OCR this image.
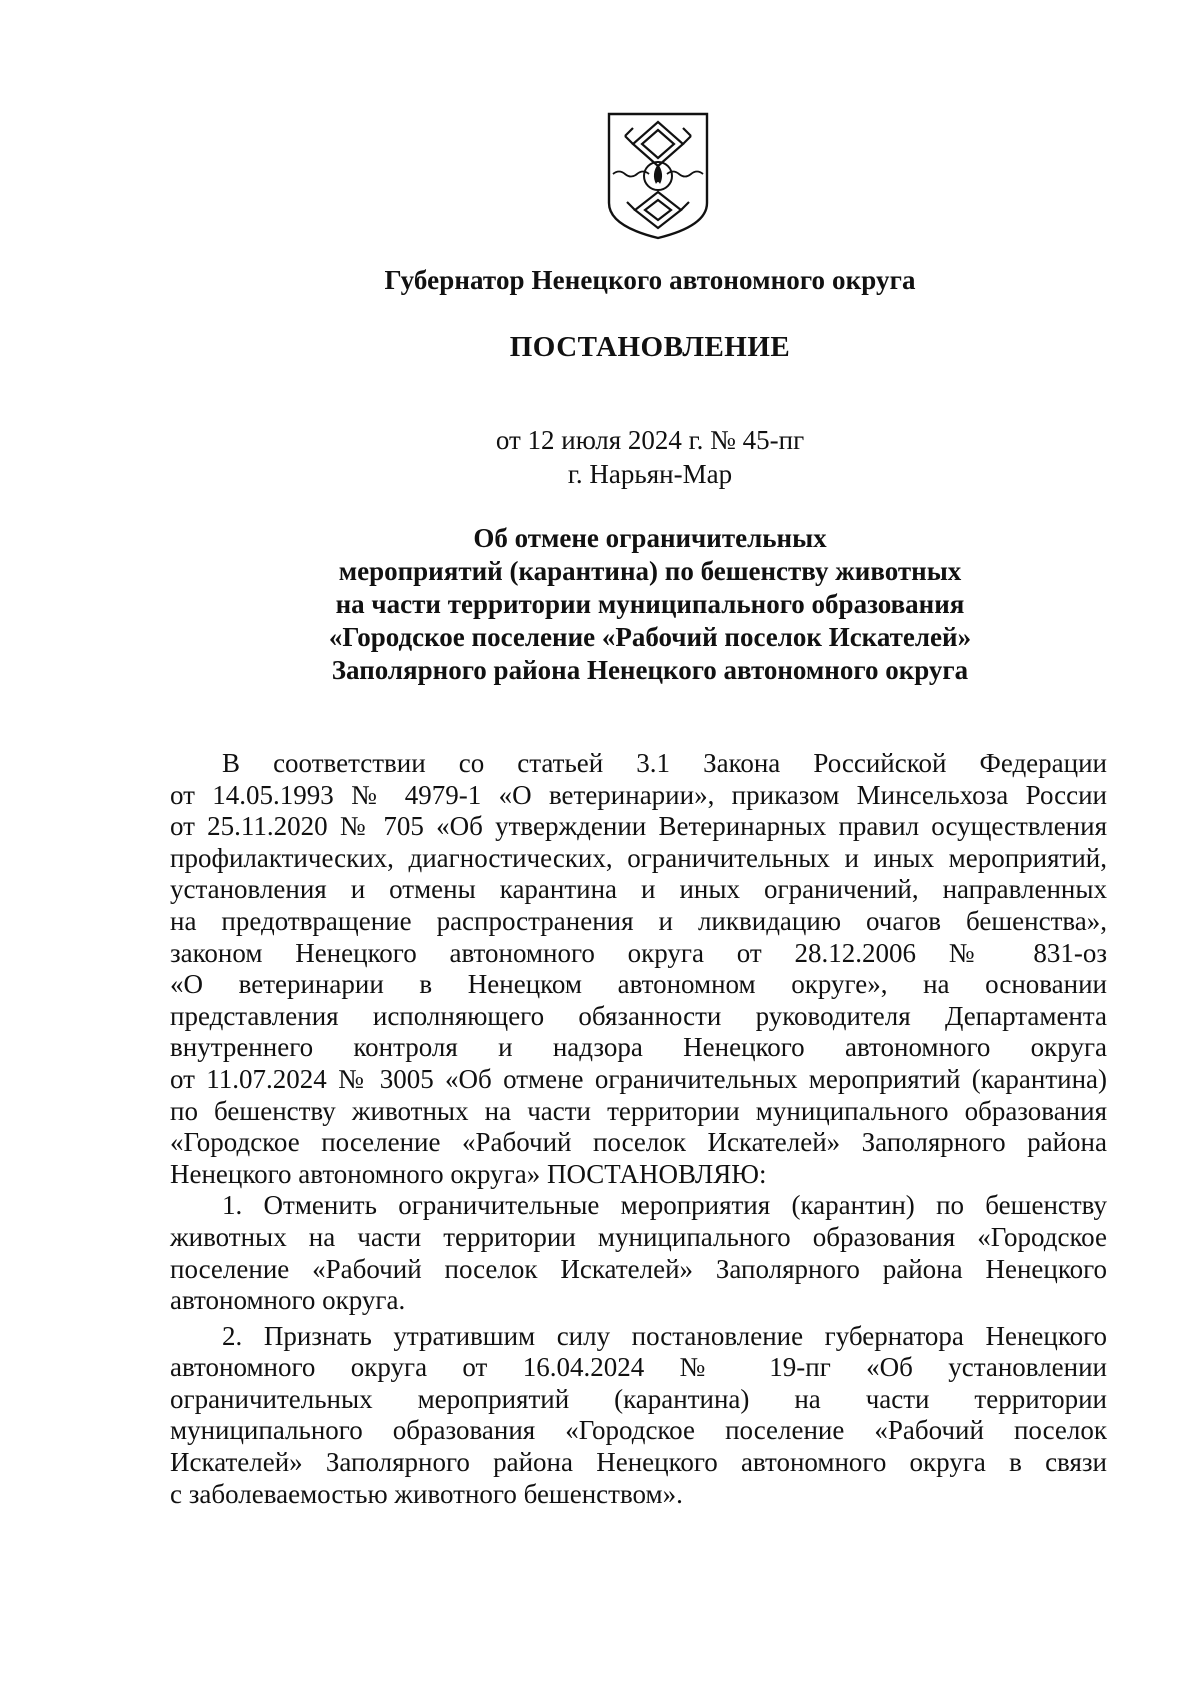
Губернатор Ненецкого автономного округа
ПОСТАНОВЛЕНИЕ
от 12 июля 2024 г. № 45-пг
г. Нарьян-Мар
Об отмене ограничительных
мероприятий (карантина) по бешенству животных
на части территории муниципального образования
«Городское поселение «Рабочий поселок Искателей»
Заполярного района Ненецкого автономного округа
В соответствии со статьей 3.1 Закона Российской Федерации
от 14.05.1993 № 4979-1 «О ветеринарии», приказом Минсельхоза России
от 25.11.2020 № 705 «Об утверждении Ветеринарных правил осуществления
профилактических, диагностических, ограничительных и иных мероприятий,
установления и отмены карантина и иных ограничений, направленных
на предотвращение распространения и ликвидацию очагов бешенства»,
законом Ненецкого автономного округа от 28.12.2006 № 831-оз
«О ветеринарии в Ненецком автономном округе», на основании
представления исполняющего обязанности руководителя Департамента
внутреннего контроля и надзора Ненецкого автономного округа
от 11.07.2024 № 3005 «Об отмене ограничительных мероприятий (карантина)
по бешенству животных на части территории муниципального образования
«Городское поселение «Рабочий поселок Искателей» Заполярного района
Ненецкого автономного округа» ПОСТАНОВЛЯЮ:
1. Отменить ограничительные мероприятия (карантин) по бешенству
животных на части территории муниципального образования «Городское
поселение «Рабочий поселок Искателей» Заполярного района Ненецкого
автономного округа.
2. Признать утратившим силу постановление губернатора Ненецкого
автономного округа от 16.04.2024 № 19-пг «Об установлении
ограничительных мероприятий (карантина) на части территории
муниципального образования «Городское поселение «Рабочий поселок
Искателей» Заполярного района Ненецкого автономного округа в связи
с заболеваемостью животного бешенством».
